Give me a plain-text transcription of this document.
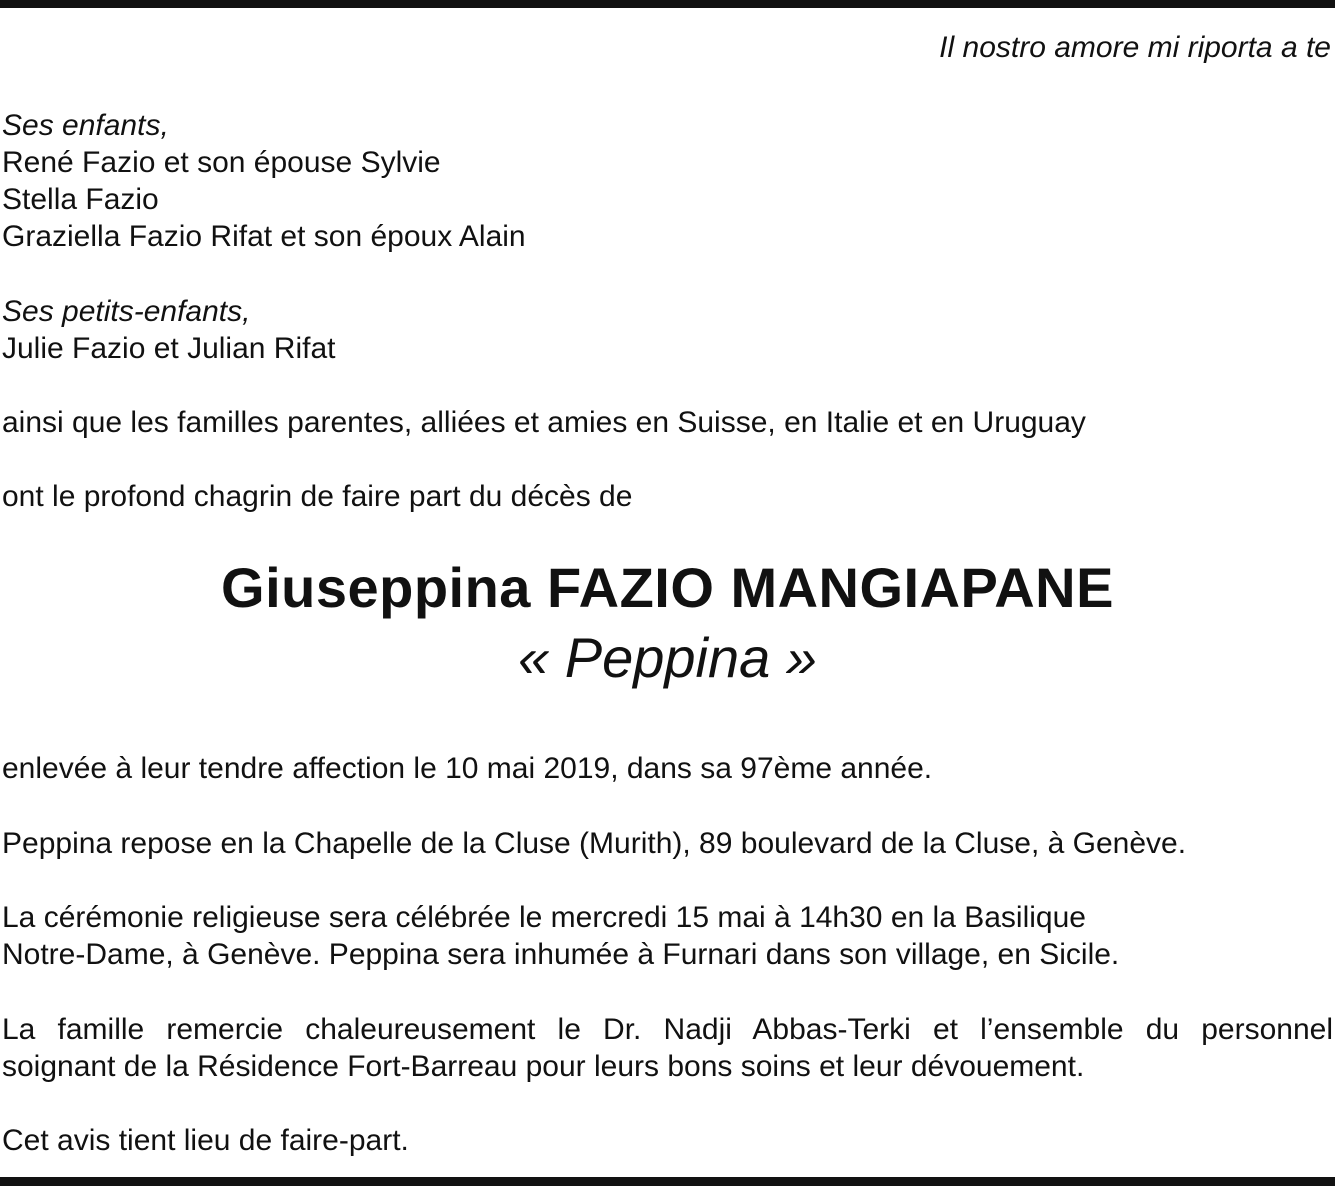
Il nostro amore mi riporta a te
Ses enfants,
René Fazio et son épouse Sylvie
Stella Fazio
Graziella Fazio Rifat et son époux Alain
Ses petits-enfants,
Julie Fazio et Julian Rifat
ainsi que les familles parentes, alliées et amies en Suisse, en Italie et en Uruguay
ont le profond chagrin de faire part du décès de
Giuseppina FAZIO MANGIAPANE
« Peppina »
enlevée à leur tendre affection le 10 mai 2019, dans sa 97ème année.
Peppina repose en la Chapelle de la Cluse (Murith), 89 boulevard de la Cluse, à Genève.
La cérémonie religieuse sera célébrée le mercredi 15 mai à 14h30 en la Basilique
Notre-Dame, à Genève. Peppina sera inhumée à Furnari dans son village, en Sicile.
La famille remercie chaleureusement le Dr. Nadji Abbas-Terki et l’ensemble du personnel
soignant de la Résidence Fort-Barreau pour leurs bons soins et leur dévouement.
Cet avis tient lieu de faire-part.
